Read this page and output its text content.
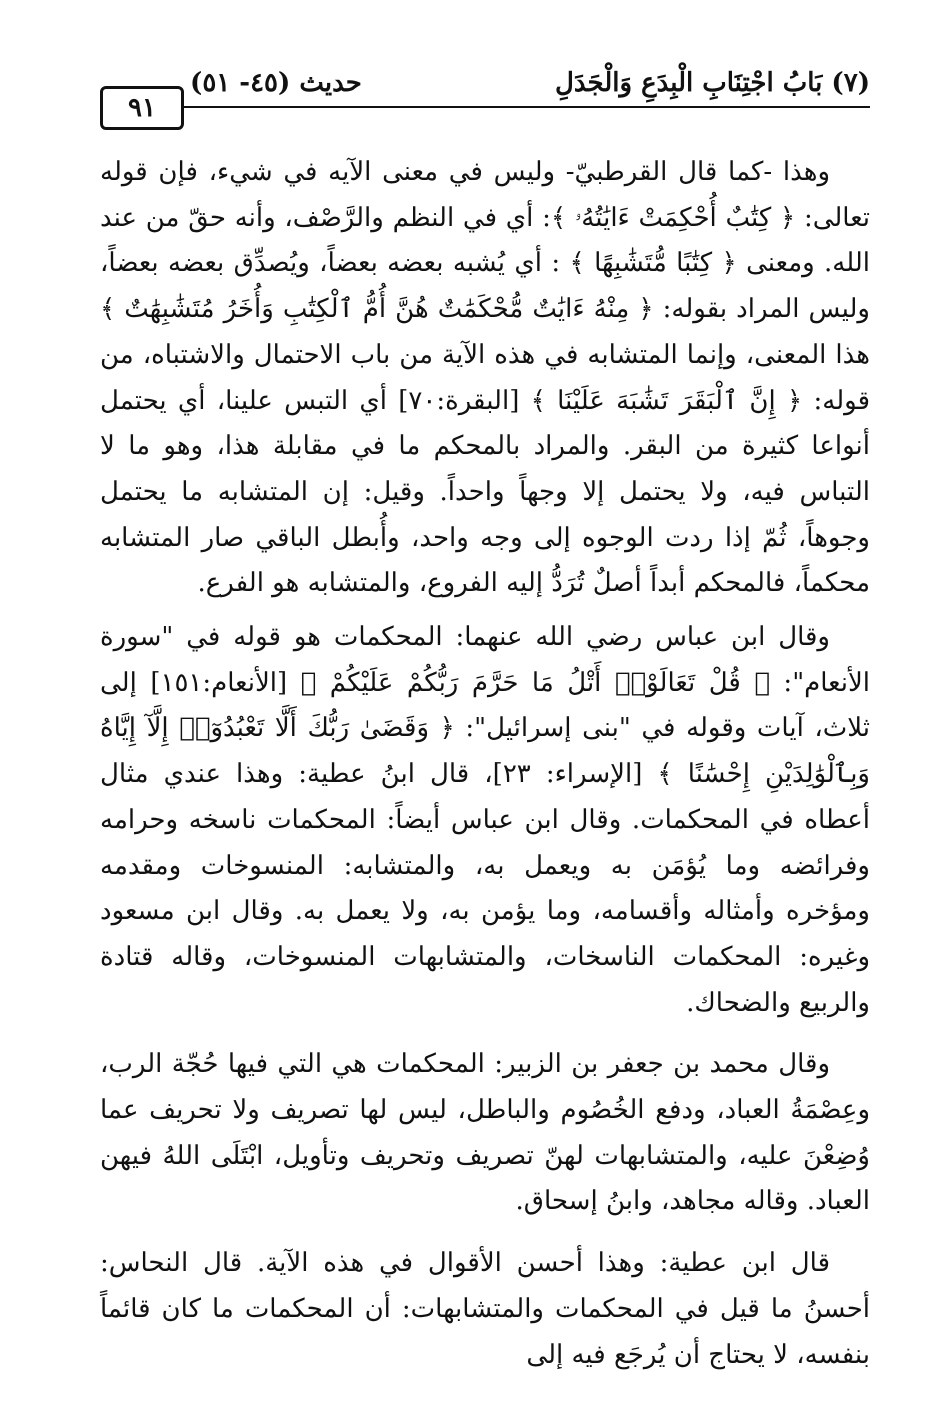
(٧) بَابُ اجْتِنَابِ الْبِدَعِ وَالْجَدَلِ
حديث (٤٥- ٥١)
٩١

وهذا -كما قال القرطبيّ- وليس في معنى الآيه في شيء، فإن قوله تعالى: ﴿ كِتَٰبٌ أُحْكِمَتْ ءَايَٰتُهُۥ ﴾: أي في النظم والرَّصْف، وأنه حقّ من عند الله. ومعنى ﴿ كِتَٰبًا مُّتَشَٰبِهًا ﴾ : أي يُشبه بعضه بعضاً، ويُصدِّق بعضه بعضاً، وليس المراد بقوله: ﴿ مِنْهُ ءَايَٰتٌ مُّحْكَمَٰتٌ هُنَّ أُمُّ ٱلْكِتَٰبِ وَأُخَرُ مُتَشَٰبِهَٰتٌ ﴾ هذا المعنى، وإنما المتشابه في هذه الآية من باب الاحتمال والاشتباه، من قوله: ﴿ إِنَّ ٱلْبَقَرَ تَشَٰبَهَ عَلَيْنَا ﴾ [البقرة:٧٠] أي التبس علينا، أي يحتمل أنواعا كثيرة من البقر. والمراد بالمحكم ما في مقابلة هذا، وهو ما لا التباس فيه، ولا يحتمل إلا وجهاً واحداً. وقيل: إن المتشابه ما يحتمل وجوهاً، ثُمّ إذا ردت الوجوه إلى وجه واحد، وأُبطل الباقي صار المتشابه محكماً، فالمحكم أبداً أصلٌ تُرَدُّ إليه الفروع، والمتشابه هو الفرع.

وقال ابن عباس رضي الله عنهما: المحكمات هو قوله في "سورة الأنعام": ﴿ قُلْ تَعَالَوْا۟ أَتْلُ مَا حَرَّمَ رَبُّكُمْ عَلَيْكُمْ ﴾ [الأنعام:١٥١] إلى ثلاث، آيات وقوله في "بنى إسرائيل": ﴿ وَقَضَىٰ رَبُّكَ أَلَّا تَعْبُدُوٓا۟ إِلَّآ إِيَّاهُ وَبِٱلْوَٰلِدَيْنِ إِحْسَٰنًا ﴾ [الإسراء: ٢٣]، قال ابنُ عطية: وهذا عندي مثال أعطاه في المحكمات. وقال ابن عباس أيضاً: المحكمات ناسخه وحرامه وفرائضه وما يُؤمَن به ويعمل به، والمتشابه: المنسوخات ومقدمه ومؤخره وأمثاله وأقسامه، وما يؤمن به، ولا يعمل به. وقال ابن مسعود وغيره: المحكمات الناسخات، والمتشابهات المنسوخات، وقاله قتادة والربيع والضحاك.

وقال محمد بن جعفر بن الزبير: المحكمات هي التي فيها حُجّة الرب، وعِصْمَةُ العباد، ودفع الخُصُوم والباطل، ليس لها تصريف ولا تحريف عما وُضِعْنَ عليه، والمتشابهات لهنّ تصريف وتحريف وتأويل، ابْتَلَى اللهُ فيهن العباد. وقاله مجاهد، وابنُ إسحاق.

قال ابن عطية: وهذا أحسن الأقوال في هذه الآية. قال النحاس: أحسنُ ما قيل في المحكمات والمتشابهات: أن المحكمات ما كان قائماً بنفسه، لا يحتاج أن يُرجَع فيه إلى
